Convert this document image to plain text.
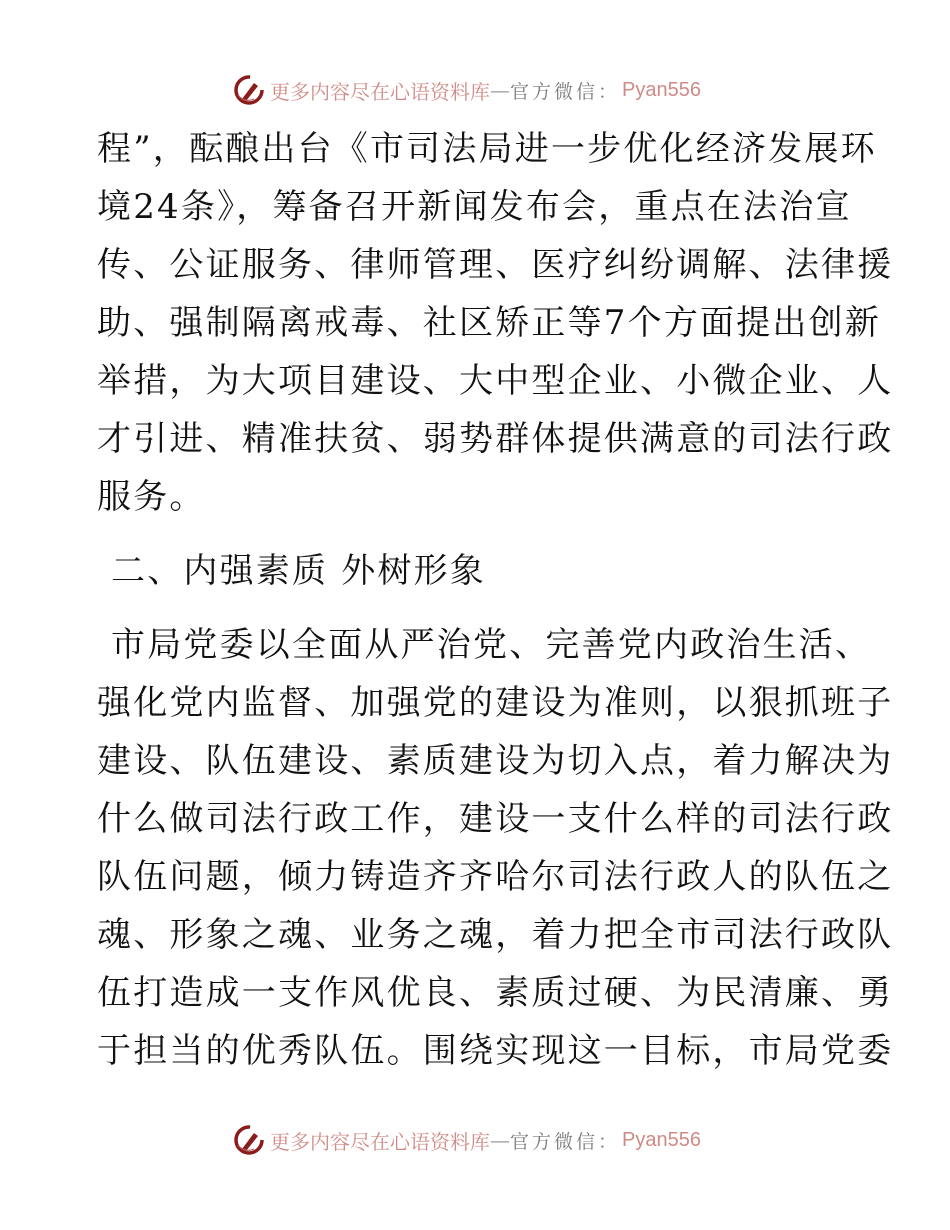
更多内容尽在心语资料库 — 官方微信： Pyan556
程”，酝酿出台《市司法局进一步优化经济发展环
境24条》，筹备召开新闻发布会，重点在法治宣
传、公证服务、律师管理、医疗纠纷调解、法律援
助、强制隔离戒毒、社区矫正等7个方面提出创新
举措，为大项目建设、大中型企业、小微企业、人
才引进、精准扶贫、弱势群体提供满意的司法行政
服务。
二、内强素质 外树形象
市局党委以全面从严治党、完善党内政治生活、
强化党内监督、加强党的建设为准则，以狠抓班子
建设、队伍建设、素质建设为切入点，着力解决为
什么做司法行政工作，建设一支什么样的司法行政
队伍问题，倾力铸造齐齐哈尔司法行政人的队伍之
魂、形象之魂、业务之魂，着力把全市司法行政队
伍打造成一支作风优良、素质过硬、为民清廉、勇
于担当的优秀队伍。围绕实现这一目标，市局党委
更多内容尽在心语资料库 — 官方微信： Pyan556
